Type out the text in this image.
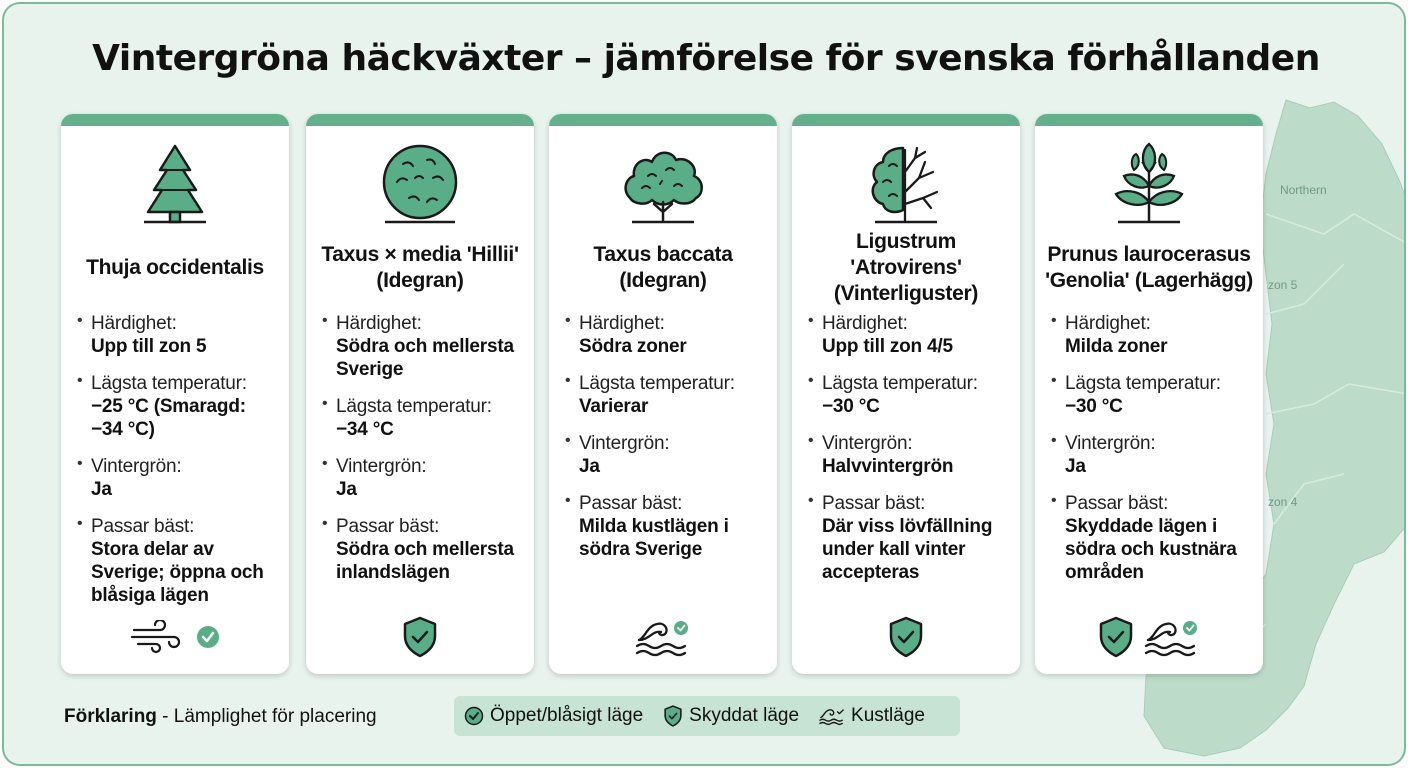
Northern
zon 5
zon 4
Vintergröna häckväxter – jämförelse för svenska förhållanden
Thuja occidentalis
• Härdighet:
Upp till zon 5
• Lägsta temperatur:
−25 °C (Smaragd: −34 °C)
• Vintergrön:
Ja
• Passar bäst:
Stora delar av Sverige; öppna och blåsiga lägen
Taxus × media 'Hillii' (Idegran)
• Härdighet:
Södra och mellersta Sverige
• Lägsta temperatur:
−34 °C
• Vintergrön:
Ja
• Passar bäst:
Södra och mellersta inlandslägen
Taxus baccata (Idegran)
• Härdighet:
Södra zoner
• Lägsta temperatur:
Varierar
• Vintergrön:
Ja
• Passar bäst:
Milda kustlägen i södra Sverige
Ligustrum 'Atrovirens' (Vinterliguster)
• Härdighet:
Upp till zon 4/5
• Lägsta temperatur:
−30 °C
• Vintergrön:
Halvvintergrön
• Passar bäst:
Där viss lövfällning under kall vinter accepteras
Prunus laurocerasus 'Genolia' (Lagerhägg)
• Härdighet:
Milda zoner
• Lägsta temperatur:
−30 °C
• Vintergrön:
Ja
• Passar bäst:
Skyddade lägen i södra och kustnära områden
Förklaring - Lämplighet för placering	Öppet/blåsigt läge Skyddat läge	Kustläge
